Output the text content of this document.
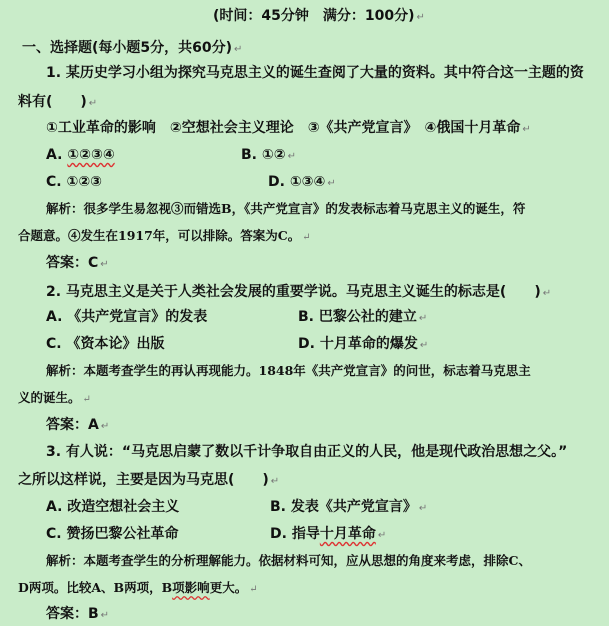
(时间：45分钟　满分：100分) ↵
一、选择题(每小题5分，共60分) ↵
1. 某历史学习小组为探究马克思主义的诞生查阅了大量的资料。其中符合这一主题的资
料有(　　) ↵
①工业革命的影响　②空想社会主义理论　③《共产党宣言》　④俄国十月革命 ↵
A. ①②③④	B. ①② ↵
C. ①②③	D. ①③④ ↵
解析：很多学生易忽视③而错选B，《共产党宣言》的发表标志着马克思主义的诞生，符
合题意。④发生在1917年，可以排除。答案为C。 ↵
答案：C ↵
2. 马克思主义是关于人类社会发展的重要学说。马克思主义诞生的标志是(　　) ↵
A. 《共产党宣言》的发表	B. 巴黎公社的建立 ↵
C. 《资本论》出版	D. 十月革命的爆发 ↵
解析：本题考查学生的再认再现能力。1848年《共产党宣言》的问世，标志着马克思主
义的诞生。 ↵
答案：A ↵
3. 有人说：“马克思启蒙了数以千计争取自由正义的人民，他是现代政治思想之父。”
之所以这样说，主要是因为马克思(　　) ↵
A. 改造空想社会主义	B. 发表《共产党宣言》 ↵
C. 赞扬巴黎公社革命	D. 指导十月革命 ↵
解析：本题考查学生的分析理解能力。依据材料可知，应从思想的角度来考虑，排除C、
D两项。比较A、B两项，B项影响更大。 ↵
答案：B ↵
